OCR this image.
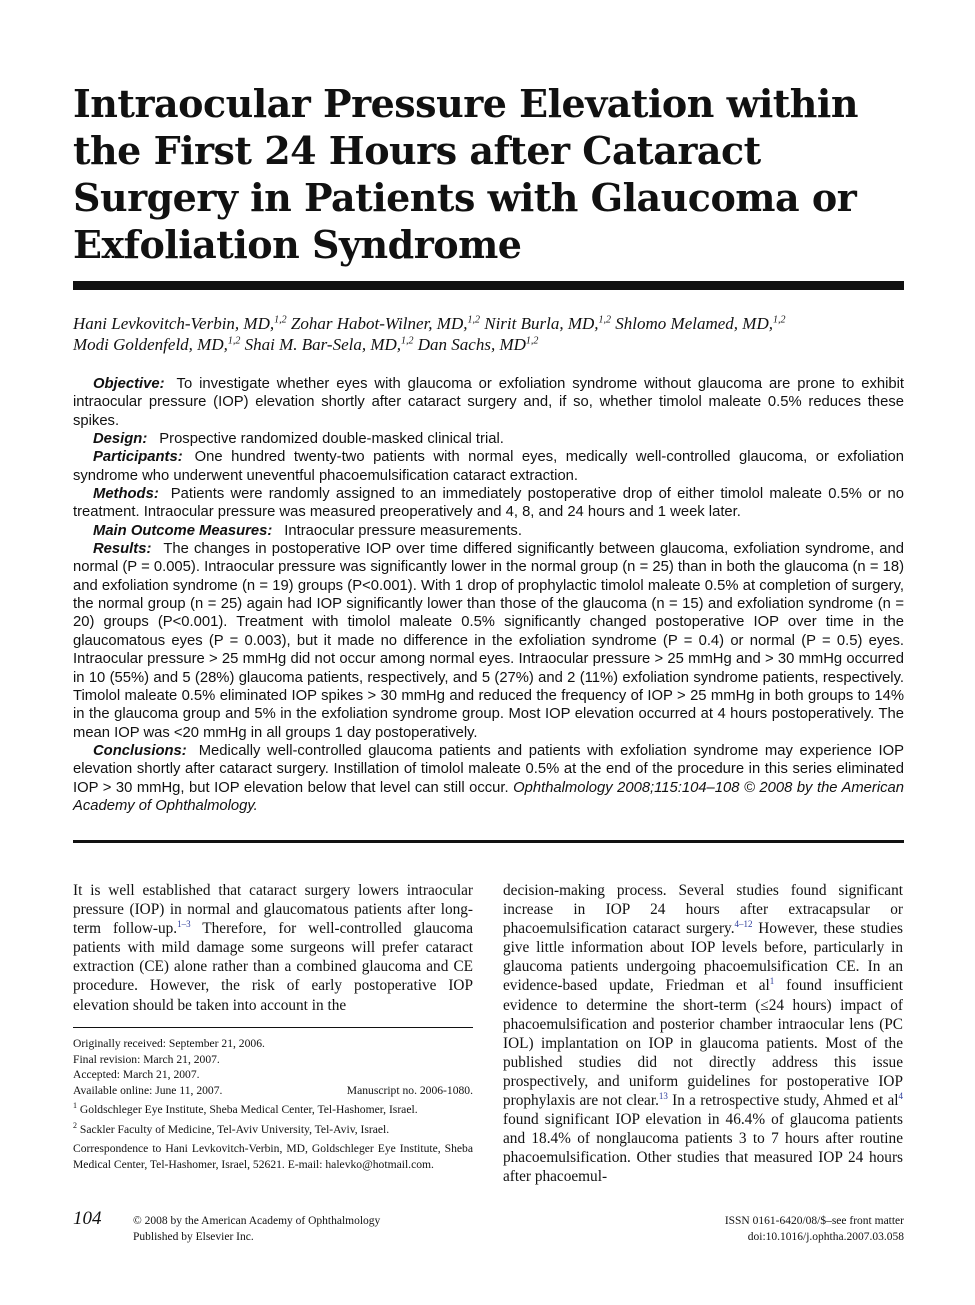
Intraocular Pressure Elevation within the First 24 Hours after Cataract Surgery in Patients with Glaucoma or Exfoliation Syndrome
Hani Levkovitch-Verbin, MD,$^{1,2}$ Zohar Habot-Wilner, MD,$^{1,2}$ Nirit Burla, MD,$^{1,2}$ Shlomo Melamed, MD,$^{1,2}$
Modi Goldenfeld, MD,$^{1,2}$ Shai M. Bar-Sela, MD,$^{1,2}$ Dan Sachs, MD$^{1,2}$

Objective: To investigate whether eyes with glaucoma or exfoliation syndrome without glaucoma are prone to exhibit intraocular pressure (IOP) elevation shortly after cataract surgery and, if so, whether timolol maleate 0.5% reduces these spikes.

Design: Prospective randomized double-masked clinical trial.

Participants: One hundred twenty-two patients with normal eyes, medically well-controlled glaucoma, or exfoliation syndrome who underwent uneventful phacoemulsification cataract extraction.

Methods: Patients were randomly assigned to an immediately postoperative drop of either timolol maleate 0.5% or no treatment. Intraocular pressure was measured preoperatively and 4, 8, and 24 hours and 1 week later.

Main Outcome Measures: Intraocular pressure measurements.

Results: The changes in postoperative IOP over time differed significantly between glaucoma, exfoliation syndrome, and normal (P = 0.005). Intraocular pressure was significantly lower in the normal group (n = 25) than in both the glaucoma (n = 18) and exfoliation syndrome (n = 19) groups (P<0.001). With 1 drop of prophylactic timolol maleate 0.5% at completion of surgery, the normal group (n = 25) again had IOP significantly lower than those of the glaucoma (n = 15) and exfoliation syndrome (n = 20) groups (P<0.001). Treatment with timolol maleate 0.5% significantly changed postoperative IOP over time in the glaucomatous eyes (P = 0.003), but it made no difference in the exfoliation syndrome (P = 0.4) or normal (P = 0.5) eyes. Intraocular pressure > 25 mmHg did not occur among normal eyes. Intraocular pressure > 25 mmHg and > 30 mmHg occurred in 10 (55%) and 5 (28%) glaucoma patients, respectively, and 5 (27%) and 2 (11%) exfoliation syndrome patients, respectively. Timolol maleate 0.5% eliminated IOP spikes > 30 mmHg and reduced the frequency of IOP > 25 mmHg in both groups to 14% in the glaucoma group and 5% in the exfoliation syndrome group. Most IOP elevation occurred at 4 hours postoperatively. The mean IOP was <20 mmHg in all groups 1 day postoperatively.

Conclusions: Medically well-controlled glaucoma patients and patients with exfoliation syndrome may experience IOP elevation shortly after cataract surgery. Instillation of timolol maleate 0.5% at the end of the procedure in this series eliminated IOP > 30 mmHg, but IOP elevation below that level can still occur. Ophthalmology 2008;115:104–108 © 2008 by the American Academy of Ophthalmology.

It is well established that cataract surgery lowers intraocular pressure (IOP) in normal and glaucomatous patients after long-term follow-up.$^{1-3}$ Therefore, for well-controlled glaucoma patients with mild damage some surgeons will prefer cataract extraction (CE) alone rather than a combined glaucoma and CE procedure. However, the risk of early postoperative IOP elevation should be taken into account in the

Originally received: September 21, 2006.

Final revision: March 21, 2007.

Accepted: March 21, 2007.

Available online: June 11, 2007.	Manuscript no. 2006-1080.

$^1$ Goldschleger Eye Institute, Sheba Medical Center, Tel-Hashomer, Israel.

$^2$ Sackler Faculty of Medicine, Tel-Aviv University, Tel-Aviv, Israel.

Correspondence to Hani Levkovitch-Verbin, MD, Goldschleger Eye Institute, Sheba Medical Center, Tel-Hashomer, Israel, 52621. E-mail: halevko@hotmail.com.

decision-making process. Several studies found significant increase in IOP 24 hours after extracapsular or phacoemulsification cataract surgery.$^{4-12}$ However, these studies give little information about IOP levels before, particularly in glaucoma patients undergoing phacoemulsification CE. In an evidence-based update, Friedman et $al^1$ found insufficient evidence to determine the short-term (≤24 hours) impact of phacoemulsification and posterior chamber intraocular lens (PC IOL) implantation on IOP in glaucoma patients. Most of the published studies did not directly address this issue prospectively, and uniform guidelines for postoperative IOP prophylaxis are not clear.$^{13}$ In a retrospective study, Ahmed et $al^4$ found significant IOP elevation in 46.4% of glaucoma patients and 18.4% of nonglaucoma patients 3 to 7 hours after routine phacoemulsification. Other studies that measured IOP 24 hours after phacoemul-

104	© 2008 by the American Academy of Ophthalmology
Published by Elsevier Inc.
ISSN 0161-6420/08/$–see front matter
doi:10.1016/j.ophtha.2007.03.058
